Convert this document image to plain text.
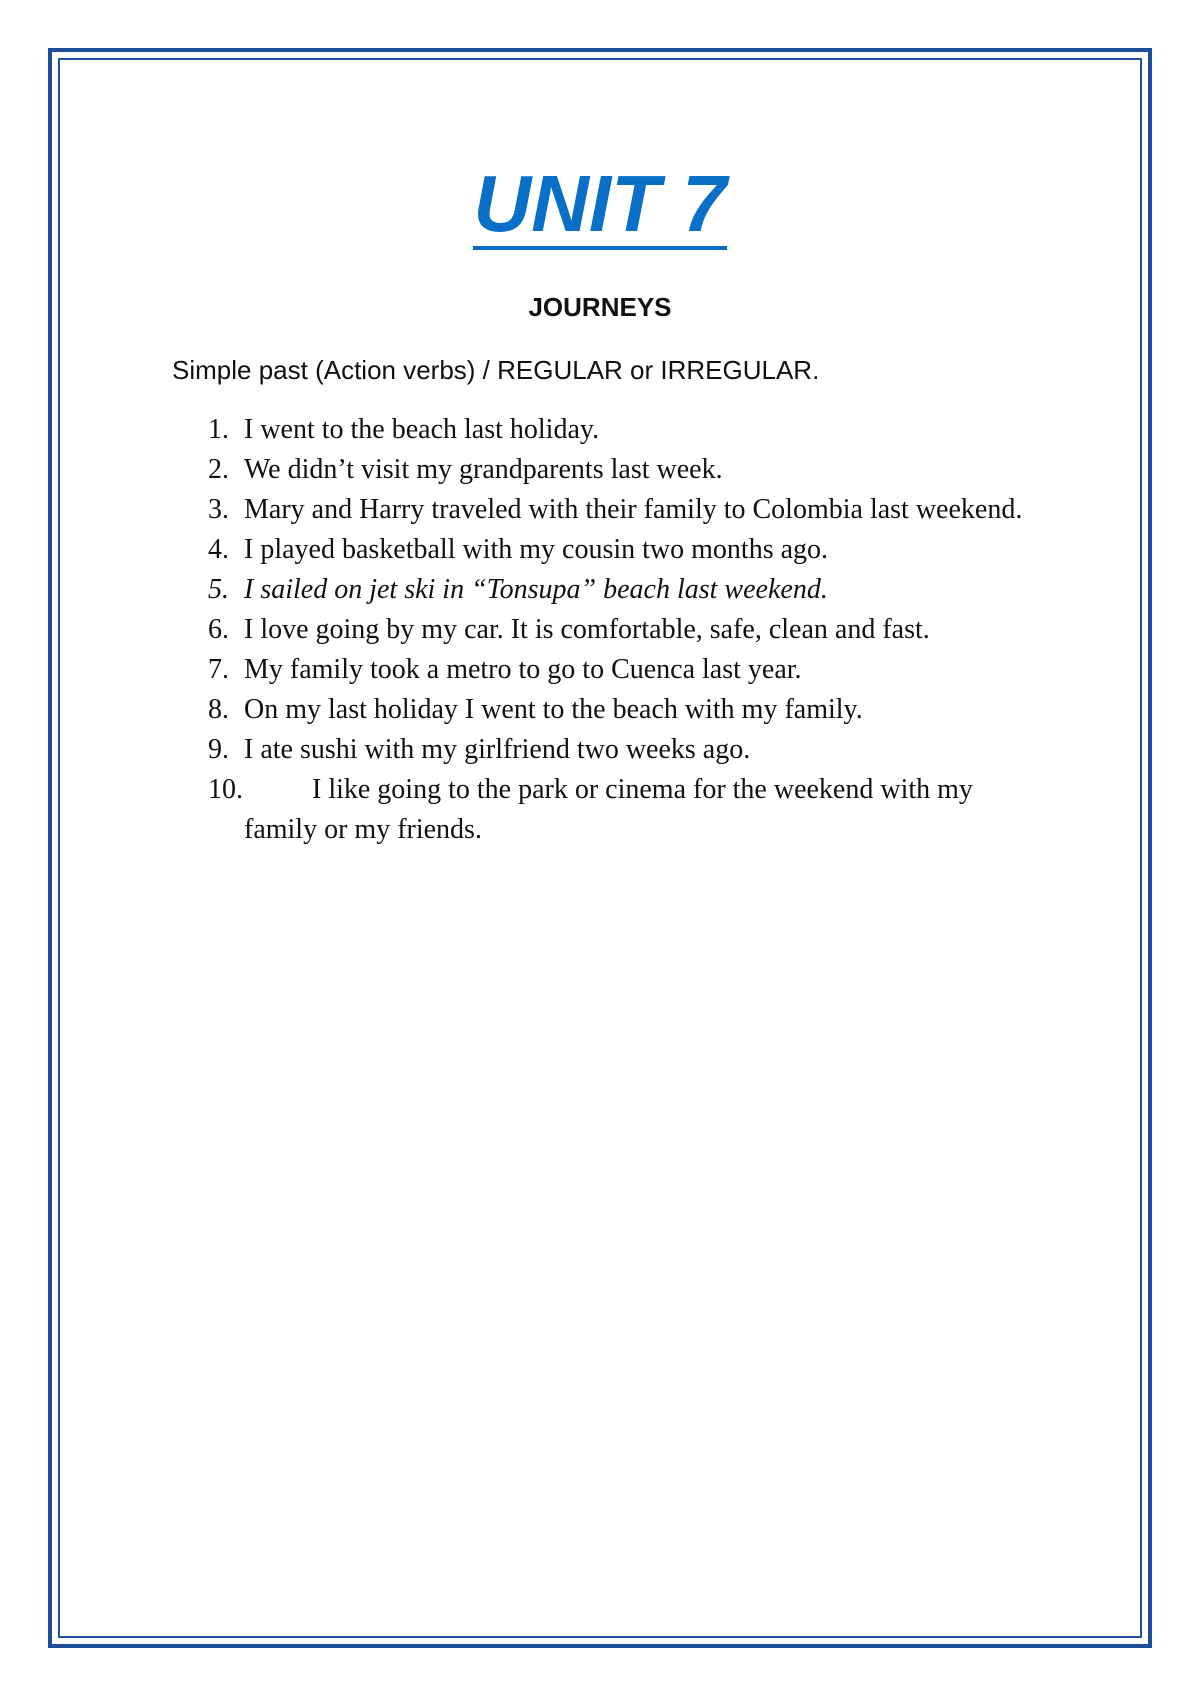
UNIT 7
JOURNEYS
Simple past (Action verbs) / REGULAR or IRREGULAR.
1. I went to the beach last holiday.
2. We didn’t visit my grandparents last week.
3. Mary and Harry traveled with their family to Colombia last weekend.
4. I played basketball with my cousin two months ago.
5. I sailed on jet ski in “Tonsupa” beach last weekend.
6. I love going by my car. It is comfortable, safe, clean and fast.
7. My family took a metro to go to Cuenca last year.
8. On my last holiday I went to the beach with my family.
9. I ate sushi with my girlfriend two weeks ago.
10. I like going to the park or cinema for the weekend with my family or my friends.
